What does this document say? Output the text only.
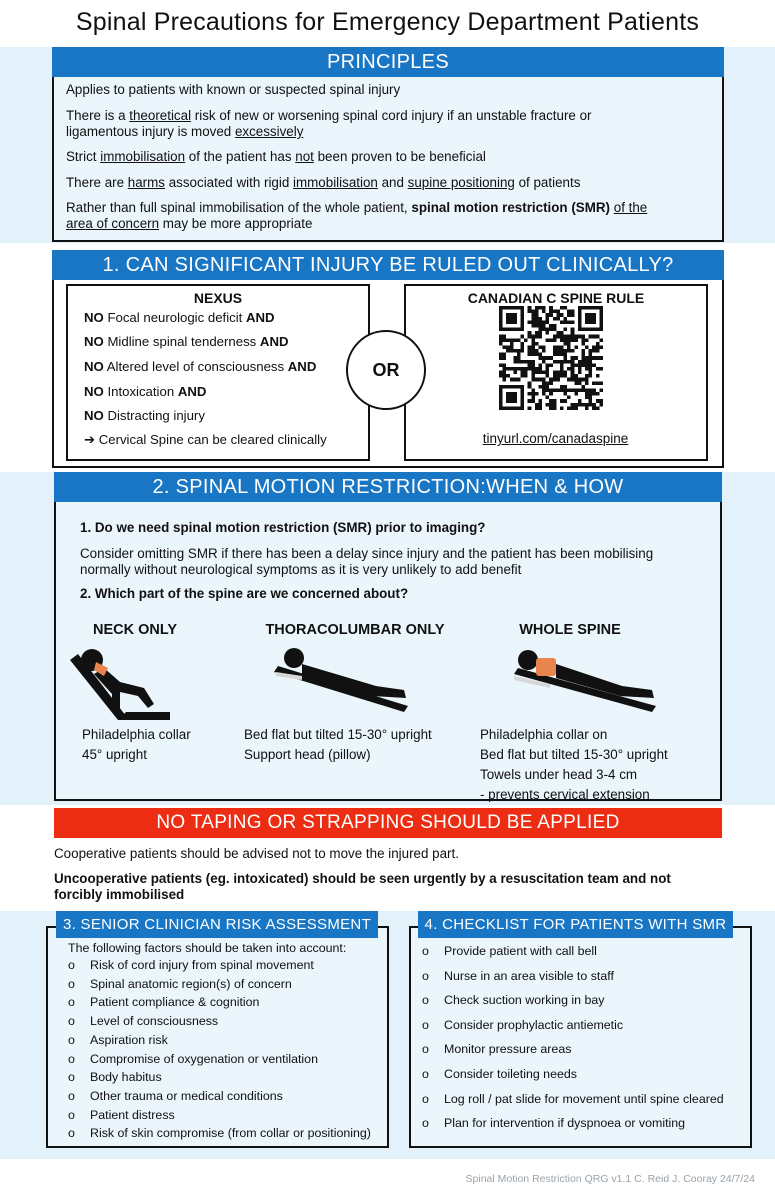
Spinal Precautions for Emergency Department Patients
PRINCIPLES
Applies to patients with known or suspected spinal injury
There is a theoretical risk of new or worsening spinal cord injury if an unstable fracture or
ligamentous injury is moved excessively
Strict immobilisation of the patient has not been proven to be beneficial
There are harms associated with rigid immobilisation and supine positioning of patients
Rather than full spinal immobilisation of the whole patient, spinal motion restriction (SMR) of the
area of concern may be more appropriate
1. CAN SIGNIFICANT INJURY BE RULED OUT CLINICALLY?
NEXUS
NO Focal neurologic deficit AND
NO Midline spinal tenderness AND
NO Altered level of consciousness AND
NO Intoxication AND
NO Distracting injury
➔ Cervical Spine can be cleared clinically
CANADIAN C SPINE RULE
OR
tinyurl.com/canadaspine
2. SPINAL MOTION RESTRICTION:WHEN & HOW
1. Do we need spinal motion restriction (SMR) prior to imaging?
Consider omitting SMR if there has been a delay since injury and the patient has been mobilising
normally without neurological symptoms as it is very unlikely to add benefit
2. Which part of the spine are we concerned about?
NECK ONLY	THORACOLUMBAR ONLY	WHOLE SPINE
Philadelphia collar
45° upright
Bed flat but tilted 15-30° upright
Support head (pillow)
Philadelphia collar on
Bed flat but tilted 15-30° upright
Towels under head 3-4 cm
- prevents cervical extension
NO TAPING OR STRAPPING SHOULD BE APPLIED
Cooperative patients should be advised not to move the injured part.
Uncooperative patients (eg. intoxicated) should be seen urgently by a resuscitation team and not
forcibly immobilised
3. SENIOR CLINICIAN RISK ASSESSMENT
The following factors should be taken into account:
o Risk of cord injury from spinal movement
o Spinal anatomic region(s) of concern
o Patient compliance & cognition
o Level of consciousness
o Aspiration risk
o Compromise of oxygenation or ventilation
o Body habitus
o Other trauma or medical conditions
o Patient distress
o Risk of skin compromise (from collar or positioning)
4. CHECKLIST FOR PATIENTS WITH SMR
o Provide patient with call bell
o Nurse in an area visible to staff
o Check suction working in bay
o Consider prophylactic antiemetic
o Monitor pressure areas
o Consider toileting needs
o Log roll / pat slide for movement until spine cleared
o Plan for intervention if dyspnoea or vomiting
Spinal Motion Restriction QRG v1.1 C. Reid J. Cooray 24/7/24
